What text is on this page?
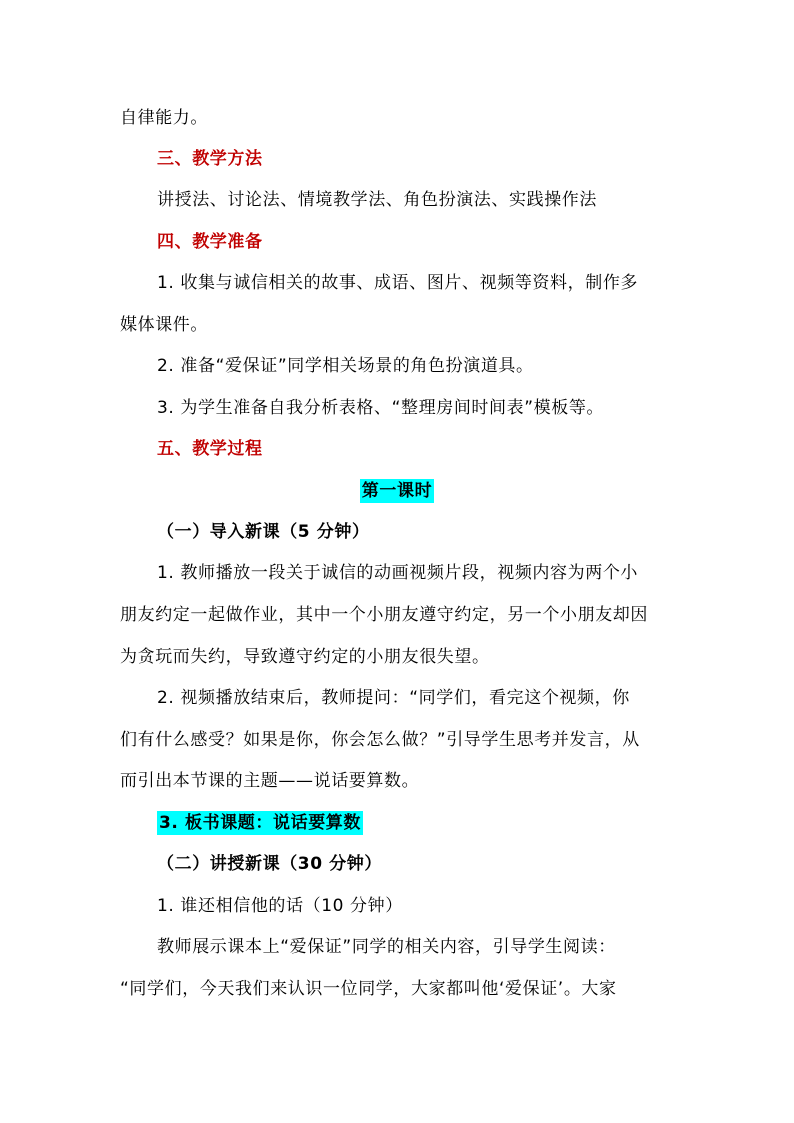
自律能力。
三、教学方法
讲授法、讨论法、情境教学法、角色扮演法、实践操作法
四、教学准备
1. 收集与诚信相关的故事、成语、图片、视频等资料，制作多
媒体课件。
2. 准备“爱保证”同学相关场景的角色扮演道具。
3. 为学生准备自我分析表格、“整理房间时间表”模板等。
五、教学过程
第一课时
（一）导入新课（5 分钟）
1. 教师播放一段关于诚信的动画视频片段，视频内容为两个小
朋友约定一起做作业，其中一个小朋友遵守约定，另一个小朋友却因
为贪玩而失约，导致遵守约定的小朋友很失望。
2. 视频播放结束后，教师提问：“同学们，看完这个视频，你
们有什么感受？如果是你，你会怎么做？”引导学生思考并发言，从
而引出本节课的主题——说话要算数。
3. 板书课题：说话要算数
（二）讲授新课（30 分钟）
1. 谁还相信他的话（10 分钟）
教师展示课本上“爱保证”同学的相关内容，引导学生阅读：
“同学们，今天我们来认识一位同学，大家都叫他‘爱保证’。大家
